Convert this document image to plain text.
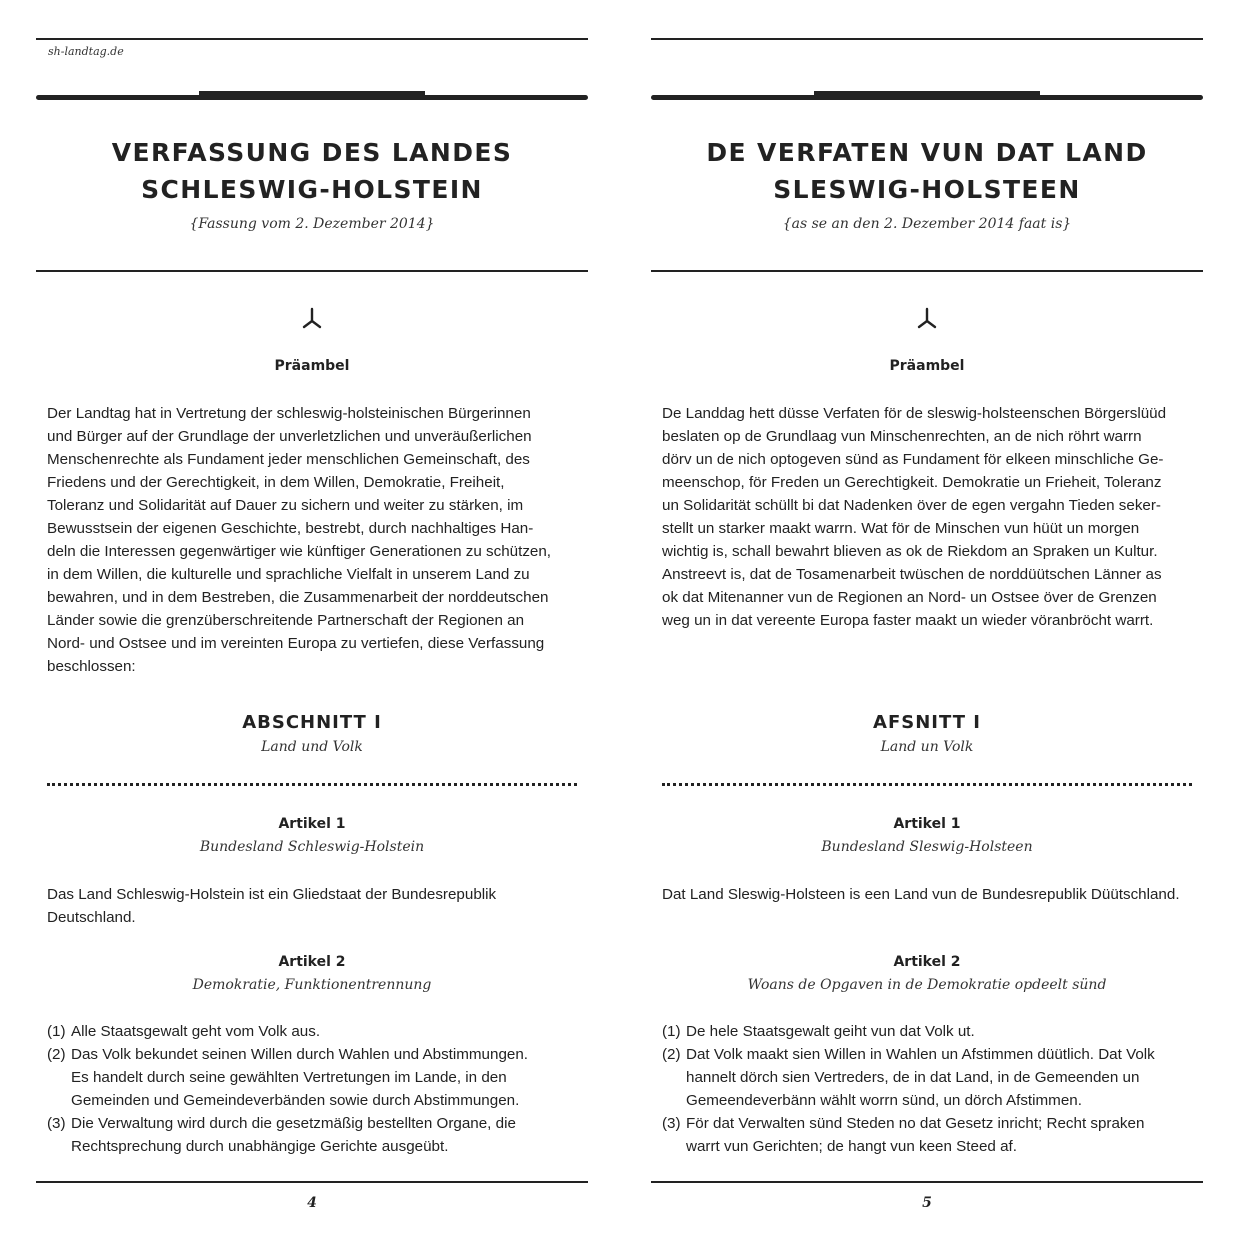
sh-landtag.de
VERFASSUNG DES LANDES
SCHLESWIG-HOLSTEIN
{Fassung vom 2. Dezember 2014}
Präambel
Der Landtag hat in Vertretung der schleswig-holsteinischen Bürgerinnen
und Bürger auf der Grundlage der unverletzlichen und unveräußerlichen
Menschenrechte als Fundament jeder menschlichen Gemeinschaft, des
Friedens und der Gerechtigkeit, in dem Willen, Demokratie, Freiheit,
Toleranz und Solidarität auf Dauer zu sichern und weiter zu stärken, im
Bewusstsein der eigenen Geschichte, bestrebt, durch nachhaltiges Han-
deln die Interessen gegenwärtiger wie künftiger Generationen zu schützen,
in dem Willen, die kulturelle und sprachliche Vielfalt in unserem Land zu
bewahren, und in dem Bestreben, die Zusammenarbeit der norddeutschen
Länder sowie die grenzüberschreitende Partnerschaft der Regionen an
Nord- und Ostsee und im vereinten Europa zu vertiefen, diese Verfassung
beschlossen:
ABSCHNITT I
Land und Volk
Artikel 1
Bundesland Schleswig-Holstein
Das Land Schleswig-Holstein ist ein Gliedstaat der Bundesrepublik
Deutschland.
Artikel 2
Demokratie, Funktionentrennung
(1) Alle Staatsgewalt geht vom Volk aus.
(2) Das Volk bekundet seinen Willen durch Wahlen und Abstimmungen.
Es handelt durch seine gewählten Vertretungen im Lande, in den
Gemeinden und Gemeindeverbänden sowie durch Abstimmungen.
(3) Die Verwaltung wird durch die gesetzmäßig bestellten Organe, die
Rechtsprechung durch unabhängige Gerichte ausgeübt.
4
DE VERFATEN VUN DAT LAND
SLESWIG-HOLSTEEN
{as se an den 2. Dezember 2014 faat is}
Präambel
De Landdag hett düsse Verfaten för de sleswig-holsteenschen Börgerslüüd
beslaten op de Grundlaag vun Minschenrechten, an de nich röhrt warrn
dörv un de nich optogeven sünd as Fundament för elkeen minschliche Ge-
meenschop, för Freden un Gerechtigkeit. Demokratie un Frieheit, Toleranz
un Solidarität schüllt bi dat Nadenken över de egen vergahn Tieden seker-
stellt un starker maakt warrn. Wat för de Minschen vun hüüt un morgen
wichtig is, schall bewahrt blieven as ok de Riekdom an Spraken un Kultur.
Anstreevt is, dat de Tosamenarbeit twüschen de norddüütschen Länner as
ok dat Mitenanner vun de Regionen an Nord- un Ostsee över de Grenzen
weg un in dat vereente Europa faster maakt un wieder vöranbröcht warrt.
AFSNITT I
Land un Volk
Artikel 1
Bundesland Sleswig-Holsteen
Dat Land Sleswig-Holsteen is een Land vun de Bundesrepublik Düütschland.
Artikel 2
Woans de Opgaven in de Demokratie opdeelt sünd
(1) De hele Staatsgewalt geiht vun dat Volk ut.
(2) Dat Volk maakt sien Willen in Wahlen un Afstimmen düütlich. Dat Volk
hannelt dörch sien Vertreders, de in dat Land, in de Gemeenden un
Gemeendeverbänn wählt worrn sünd, un dörch Afstimmen.
(3) För dat Verwalten sünd Steden no dat Gesetz inricht; Recht spraken
warrt vun Gerichten; de hangt vun keen Steed af.
5
